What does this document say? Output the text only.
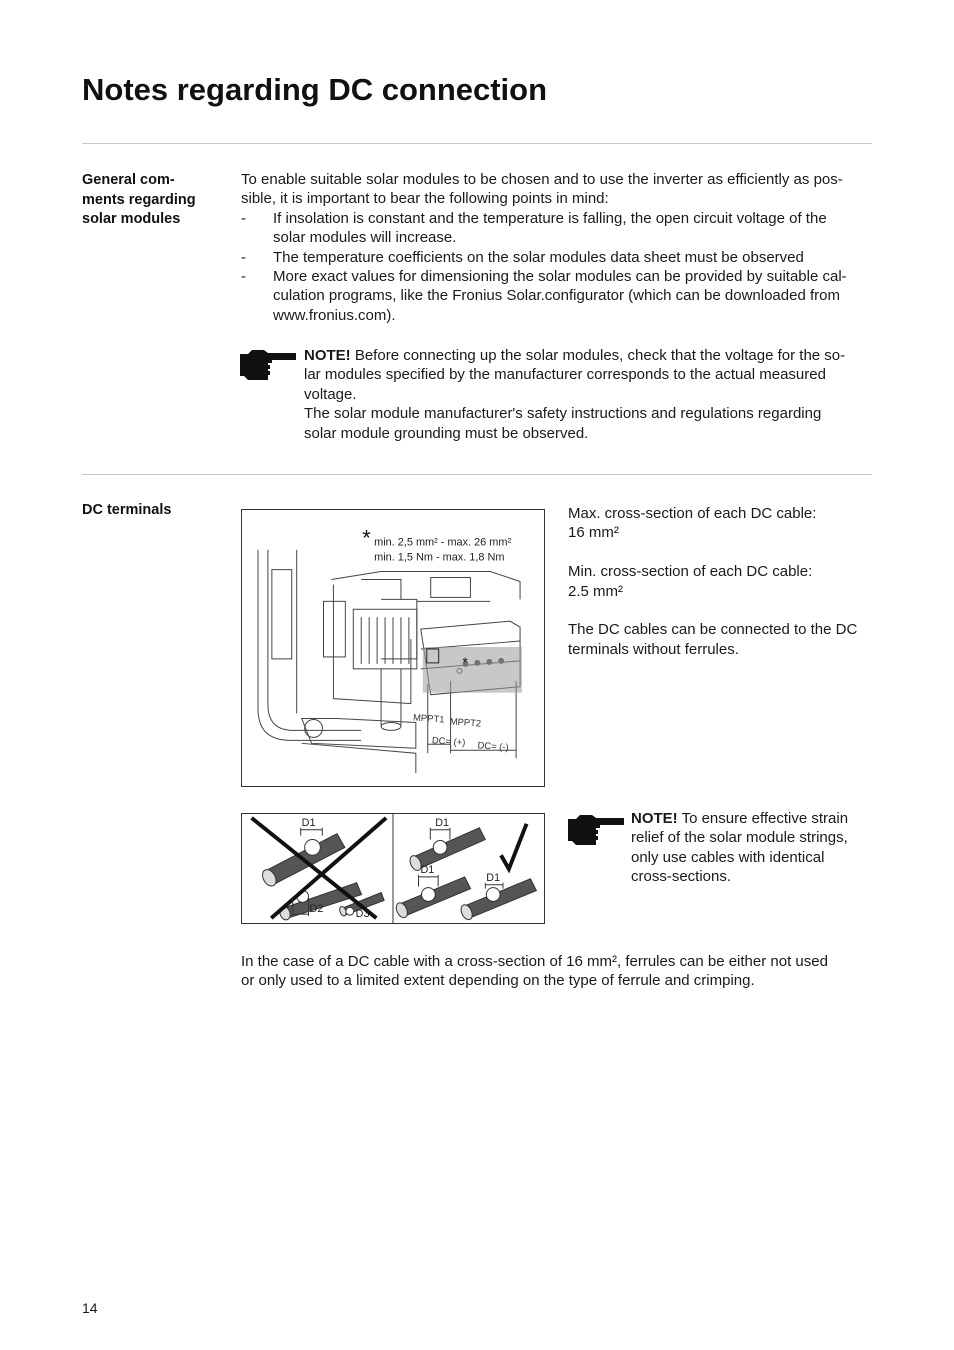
Notes regarding DC connection
General com-
ments regarding
solar modules

To enable suitable solar modules to be chosen and to use the inverter as efficiently as pos-

sible, it is important to bear the following points in mind:

- If insolation is constant and the temperature is falling, the open circuit voltage of the

solar modules will increase.

- The temperature coefficients on the solar modules data sheet must be observed

- More exact values for dimensioning the solar modules can be provided by suitable cal-

culation programs, like the Fronius Solar.configurator (which can be downloaded from

www.fronius.com).

NOTE! Before connecting up the solar modules, check that the voltage for the so-

lar modules specified by the manufacturer corresponds to the actual measured

voltage.

The solar module manufacturer's safety instructions and regulations regarding

solar module grounding must be observed.

DC terminals
* min. 2,5 mm² - max. 26 mm²
min. 1,5 Nm - max. 1,8 Nm
*
MPPT1 MPPT2
DC= (+) DC= (-)

Max. cross-section of each DC cable:

16 mm²

Min. cross-section of each DC cable:

2.5 mm²

The DC cables can be connected to the DC

terminals without ferrules.

D1
D2	D3
D1
D1
D1

NOTE! To ensure effective strain

relief of the solar module strings,

only use cables with identical

cross-sections.

In the case of a DC cable with a cross-section of 16 mm², ferrules can be either not used

or only used to a limited extent depending on the type of ferrule and crimping.

14
